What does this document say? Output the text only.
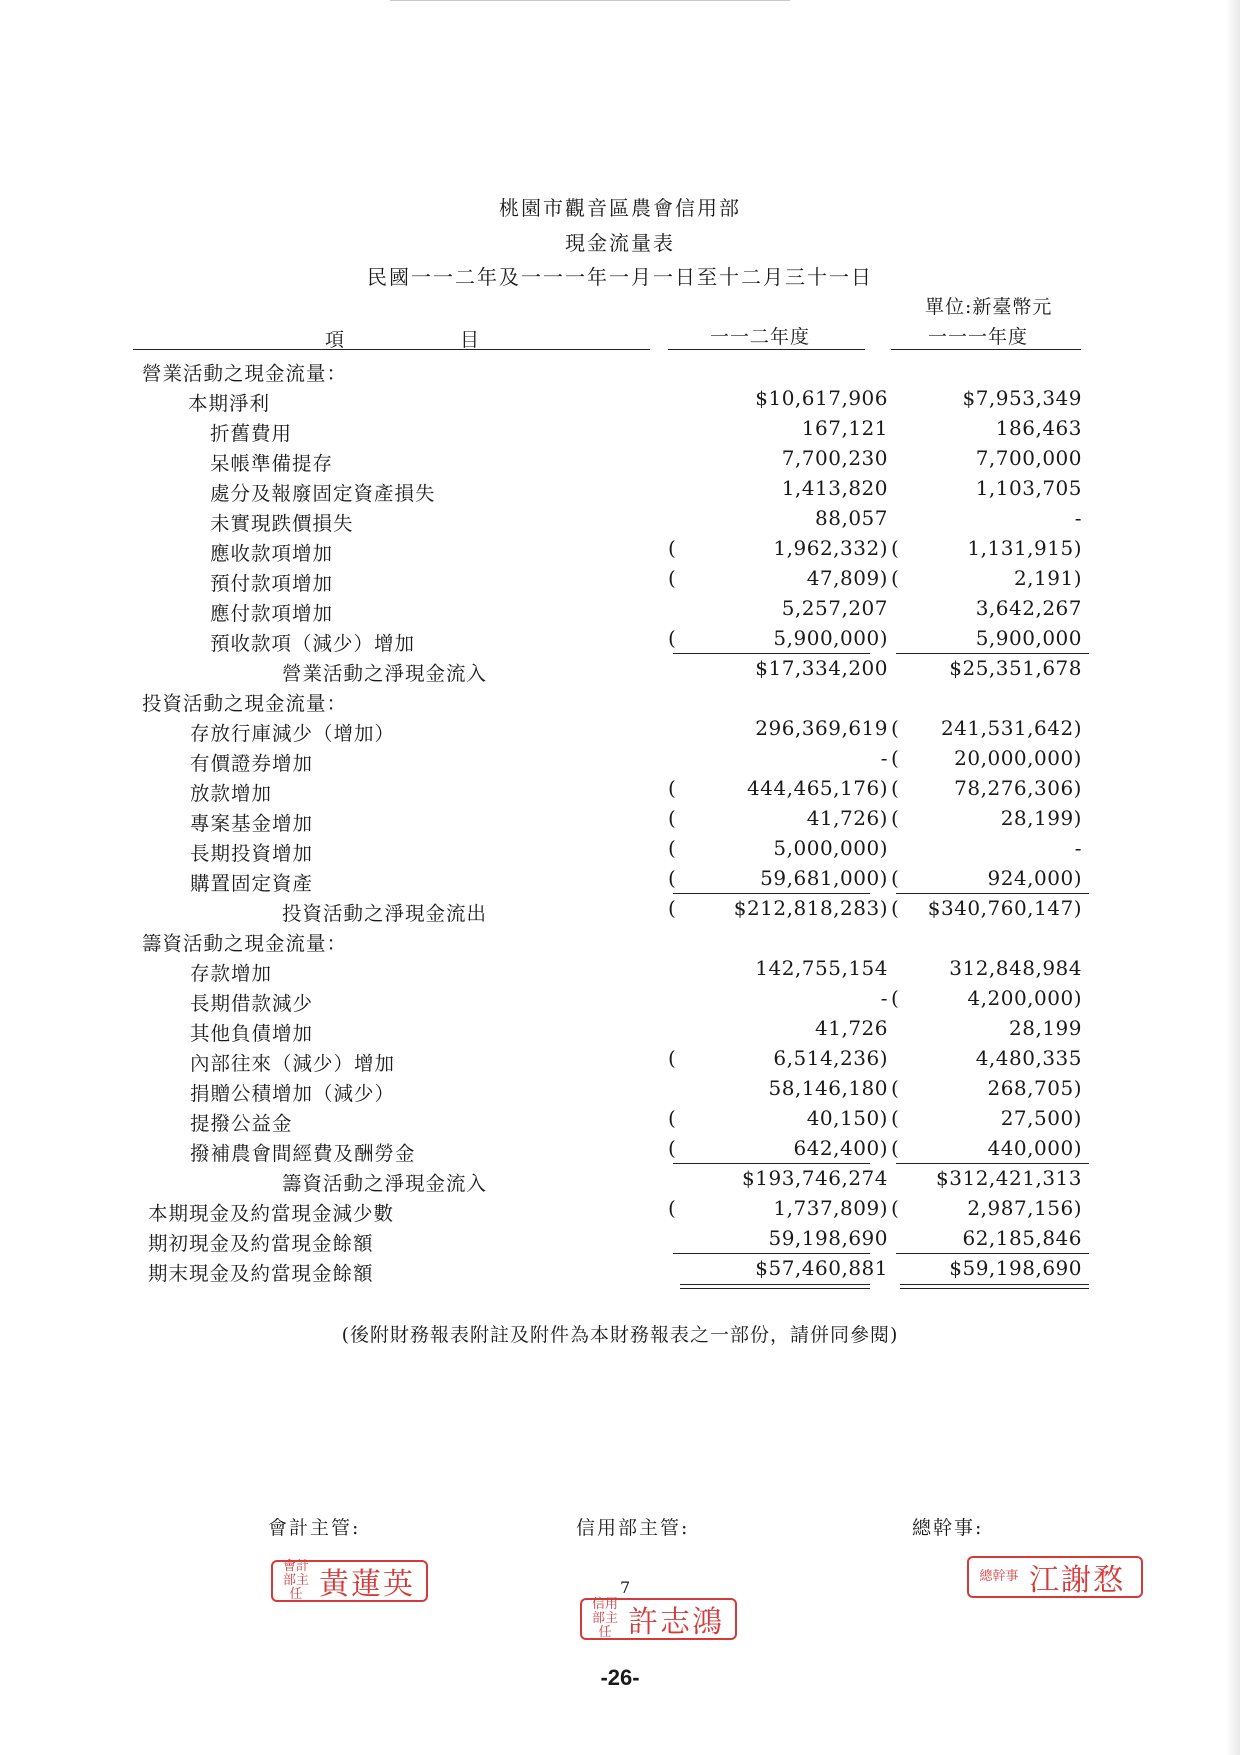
桃園市觀音區農會信用部
現金流量表
民國一一二年及一一一年一月一日至十二月三十一日
單位:新臺幣元
項 目	一一二年度	一一一年度
營業活動之現金流量：
本期淨利	$10,617,906	$7,953,349
折舊費用	167,121	186,463
呆帳準備提存	7,700,230	7,700,000
處分及報廢固定資產損失	1,413,820	1,103,705
未實現跌價損失	88,057	-
應收款項增加	(	1,962,332) (	1,131,915)
預付款項增加	(	47,809) (	2,191)
應付款項增加	5,257,207	3,642,267
預收款項（減少）增加	(	5,900,000)	5,900,000
營業活動之淨現金流入	$17,334,200	$25,351,678
投資活動之現金流量：
存放行庫減少（增加）	296,369,619 ( 241,531,642)
有價證券增加	- (	20,000,000)
放款增加	(	444,465,176) (	78,276,306)
專案基金增加	(	41,726) (	28,199)
長期投資增加	(	5,000,000)	-
購置固定資產	(	59,681,000) (	924,000)
投資活動之淨現金流出	(	$212,818,283) ( $340,760,147)
籌資活動之現金流量：
存款增加	142,755,154	312,848,984
長期借款減少	- (	4,200,000)
其他負債增加	41,726	28,199
內部往來（減少）增加	(	6,514,236)	4,480,335
捐贈公積增加（減少）	58,146,180 (	268,705)
提撥公益金	(	40,150) (	27,500)
撥補農會間經費及酬勞金	(	642,400) (	440,000)
籌資活動之淨現金流入	$193,746,274 $312,421,313
本期現金及約當現金減少數	(	1,737,809) (	2,987,156)
期初現金及約當現金餘額	59,198,690	62,185,846
期末現金及約當現金餘額	$57,460,881	$59,198,690
(後附財務報表附註及附件為本財務報表之一部份，請併同參閱)
會計主管:	信用部主管:	總幹事:
會計部主任 黃蓮英	7
信用部主任 許志鴻
總幹事 江謝愗
-26-
